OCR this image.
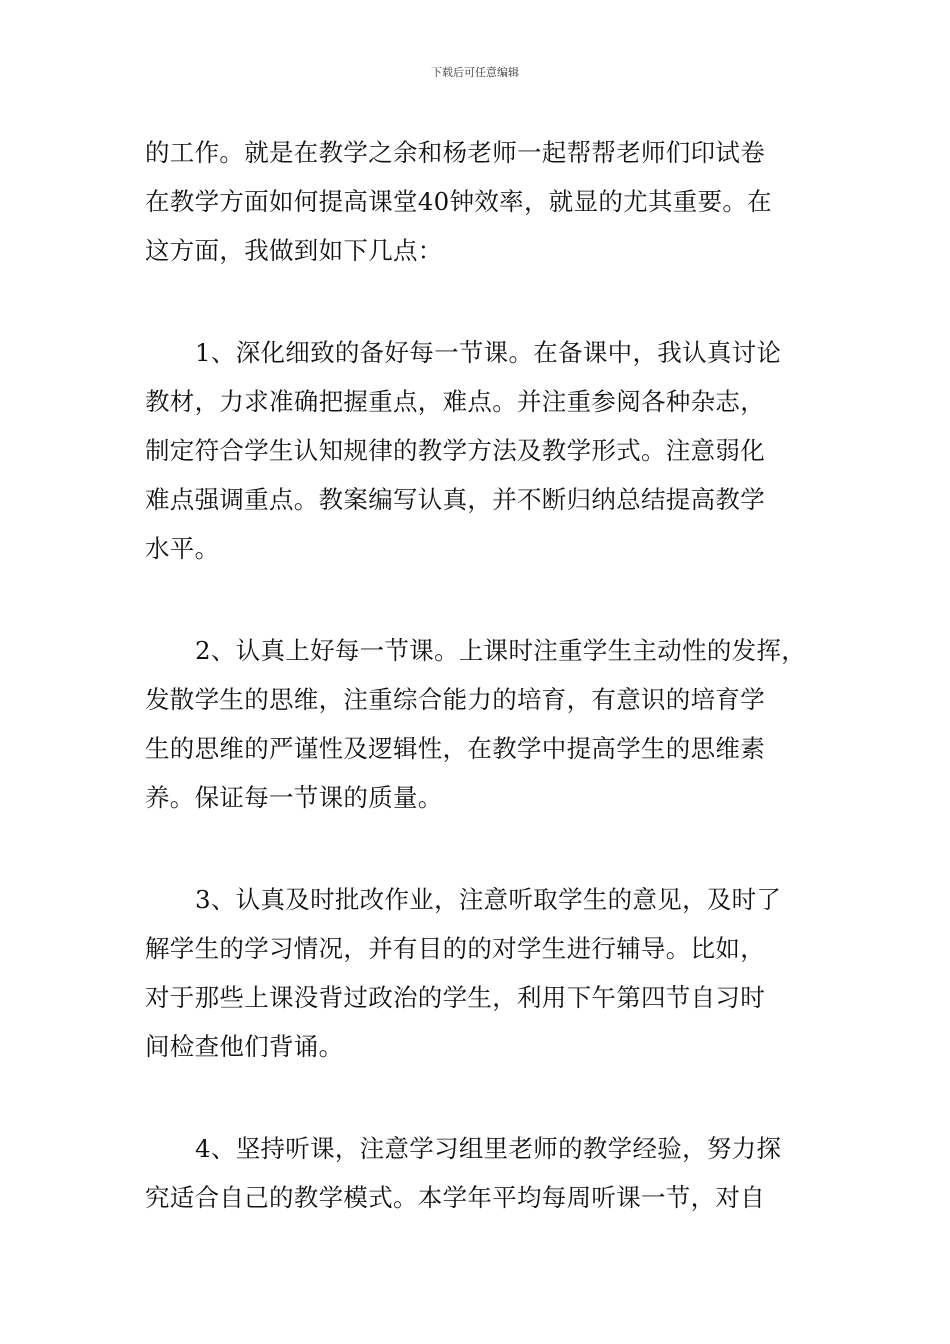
下载后可任意编辑
的工作。就是在教学之余和杨老师一起帮帮老师们印试卷
在教学方面如何提高课堂40钟效率，就显的尤其重要。在
这方面，我做到如下几点：
1、深化细致的备好每一节课。在备课中，我认真讨论
教材，力求准确把握重点，难点。并注重参阅各种杂志，
制定符合学生认知规律的教学方法及教学形式。注意弱化
难点强调重点。教案编写认真，并不断归纳总结提高教学
水平。
2、认真上好每一节课。上课时注重学生主动性的发挥，
发散学生的思维，注重综合能力的培育，有意识的培育学
生的思维的严谨性及逻辑性，在教学中提高学生的思维素
养。保证每一节课的质量。
3、认真及时批改作业，注意听取学生的意见，及时了
解学生的学习情况，并有目的的对学生进行辅导。比如，
对于那些上课没背过政治的学生，利用下午第四节自习时
间检查他们背诵。
4、坚持听课，注意学习组里老师的教学经验，努力探
究适合自己的教学模式。本学年平均每周听课一节，对自
